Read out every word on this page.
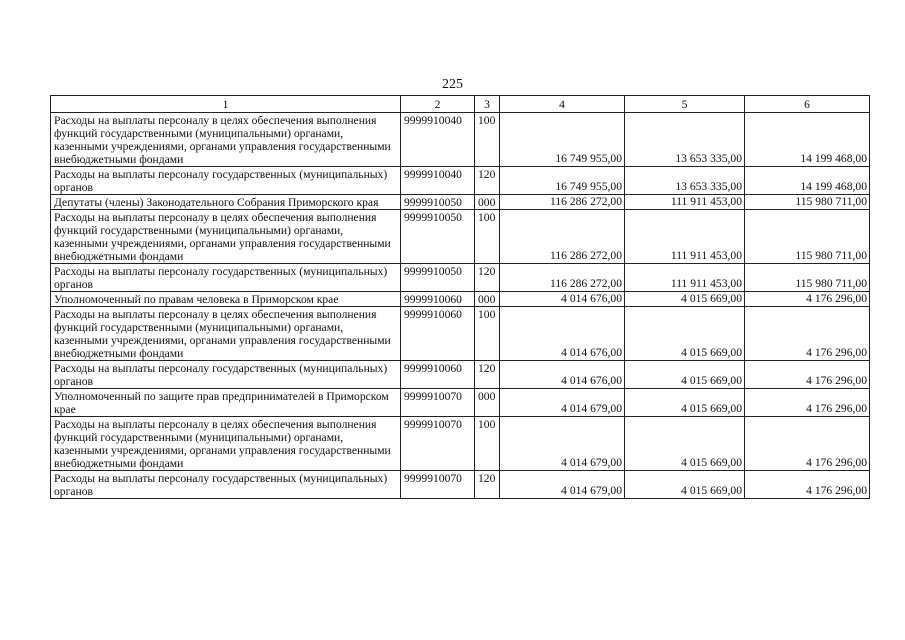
225
1	2	3	4	5	6
Расходы на выплаты персоналу в целях обеспечения выполнения функций государственными (муниципальными) органами, казенными учреждениями, органами управления государственными внебюджетными фондами	9999910040	100	16 749 955,00	13 653 335,00	14 199 468,00
Расходы на выплаты персоналу государственных (муниципальных) органов	9999910040	120	16 749 955,00	13 653 335,00	14 199 468,00
Депутаты (члены) Законодательного Собрания Приморского края	9999910050	000	116 286 272,00	111 911 453,00	115 980 711,00
Расходы на выплаты персоналу в целях обеспечения выполнения функций государственными (муниципальными) органами, казенными учреждениями, органами управления государственными внебюджетными фондами	9999910050	100	116 286 272,00	111 911 453,00	115 980 711,00
Расходы на выплаты персоналу государственных (муниципальных) органов	9999910050	120	116 286 272,00	111 911 453,00	115 980 711,00
Уполномоченный по правам человека в Приморском крае	9999910060	000	4 014 676,00	4 015 669,00	4 176 296,00
Расходы на выплаты персоналу в целях обеспечения выполнения функций государственными (муниципальными) органами, казенными учреждениями, органами управления государственными внебюджетными фондами	9999910060	100	4 014 676,00	4 015 669,00	4 176 296,00
Расходы на выплаты персоналу государственных (муниципальных) органов	9999910060	120	4 014 676,00	4 015 669,00	4 176 296,00
Уполномоченный по защите прав предпринимателей в Приморском крае	9999910070	000	4 014 679,00	4 015 669,00	4 176 296,00
Расходы на выплаты персоналу в целях обеспечения выполнения функций государственными (муниципальными) органами, казенными учреждениями, органами управления государственными внебюджетными фондами	9999910070	100	4 014 679,00	4 015 669,00	4 176 296,00
Расходы на выплаты персоналу государственных (муниципальных) органов	9999910070	120	4 014 679,00	4 015 669,00	4 176 296,00
